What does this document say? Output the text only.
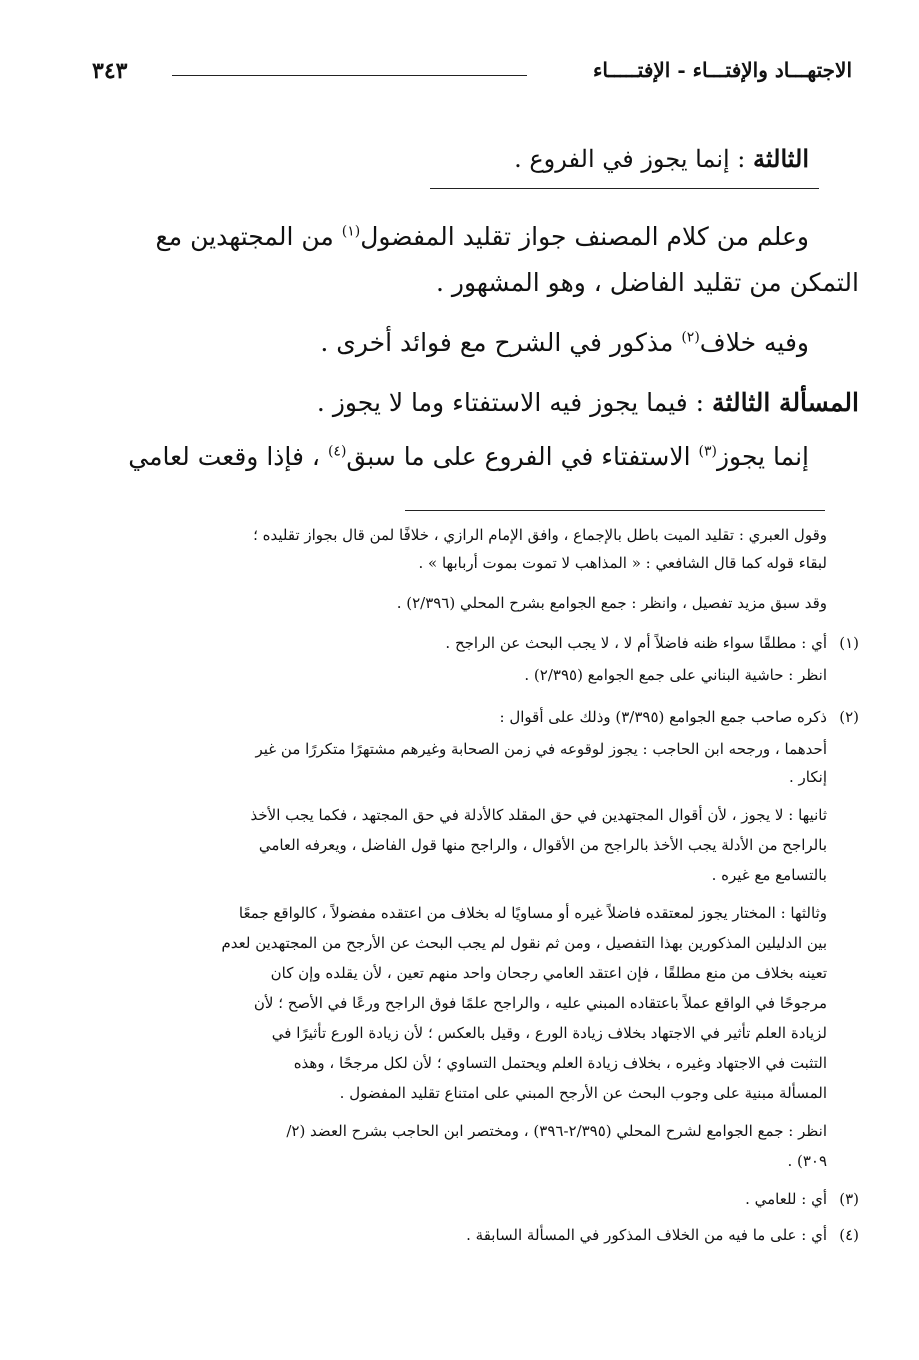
الاجتهـــاد والإفتـــاء - الإفتـــــاء
٣٤٣
الثالثة : إنما يجوز في الفروع .

وعلم من كلام المصنف جواز تقليد المفضول$^{(١)}$ من المجتهدين مع

التمكن من تقليد الفاضل ، وهو المشهور .

وفيه خلاف$^{(٢)}$ مذكور في الشرح مع فوائد أخرى .

المسألة الثالثة : فيما يجوز فيه الاستفتاء وما لا يجوز .

إنما يجوز$^{(٣)}$ الاستفتاء في الفروع على ما سبق$^{(٤)}$ ، فإذا وقعت لعامي

وقول العبري : تقليد الميت باطل بالإجماع ، وافق الإمام الرازي ، خلافًا لمن قال بجواز تقليده ؛

لبقاء قوله كما قال الشافعي : « المذاهب لا تموت بموت أربابها » .

وقد سبق مزيد تفصيل ، وانظر : جمع الجوامع بشرح المحلي (٢/٣٩٦) .

(١)أي : مطلقًا سواء ظنه فاضلاً أم لا ، لا يجب البحث عن الراجح .

انظر : حاشية البناني على جمع الجوامع (٢/٣٩٥) .

(٢)ذكره صاحب جمع الجوامع (٣/٣٩٥) وذلك على أقوال :

أحدهما ، ورجحه ابن الحاجب : يجوز لوقوعه في زمن الصحابة وغيرهم مشتهرًا متكررًا من غير

إنكار .

ثانيها : لا يجوز ، لأن أقوال المجتهدين في حق المقلد كالأدلة في حق المجتهد ، فكما يجب الأخذ

بالراجح من الأدلة يجب الأخذ بالراجح من الأقوال ، والراجح منها قول الفاضل ، ويعرفه العامي

بالتسامع مع غيره .

وثالثها : المختار يجوز لمعتقده فاضلاً غيره أو مساويًا له بخلاف من اعتقده مفضولاً ، كالواقع جمعًا

بين الدليلين المذكورين بهذا التفصيل ، ومن ثم نقول لم يجب البحث عن الأرجح من المجتهدين لعدم

تعينه بخلاف من منع مطلقًا ، فإن اعتقد العامي رجحان واحد منهم تعين ، لأن يقلده وإن كان

مرجوحًا في الواقع عملاً باعتقاده المبني عليه ، والراجح علمًا فوق الراجح ورعًا في الأصح ؛ لأن

لزيادة العلم تأثير في الاجتهاد بخلاف زيادة الورع ، وقيل بالعكس ؛ لأن زيادة الورع تأثيرًا في

التثبت في الاجتهاد وغيره ، بخلاف زيادة العلم ويحتمل التساوي ؛ لأن لكل مرجحًا ، وهذه

المسألة مبنية على وجوب البحث عن الأرجح المبني على امتناع تقليد المفضول .

انظر : جمع الجوامع لشرح المحلي (٢/٣٩٥-٣٩٦) ، ومختصر ابن الحاجب بشرح العضد (٢/

٣٠٩) .

(٣)أي : للعامي .

(٤)أي : على ما فيه من الخلاف المذكور في المسألة السابقة .
